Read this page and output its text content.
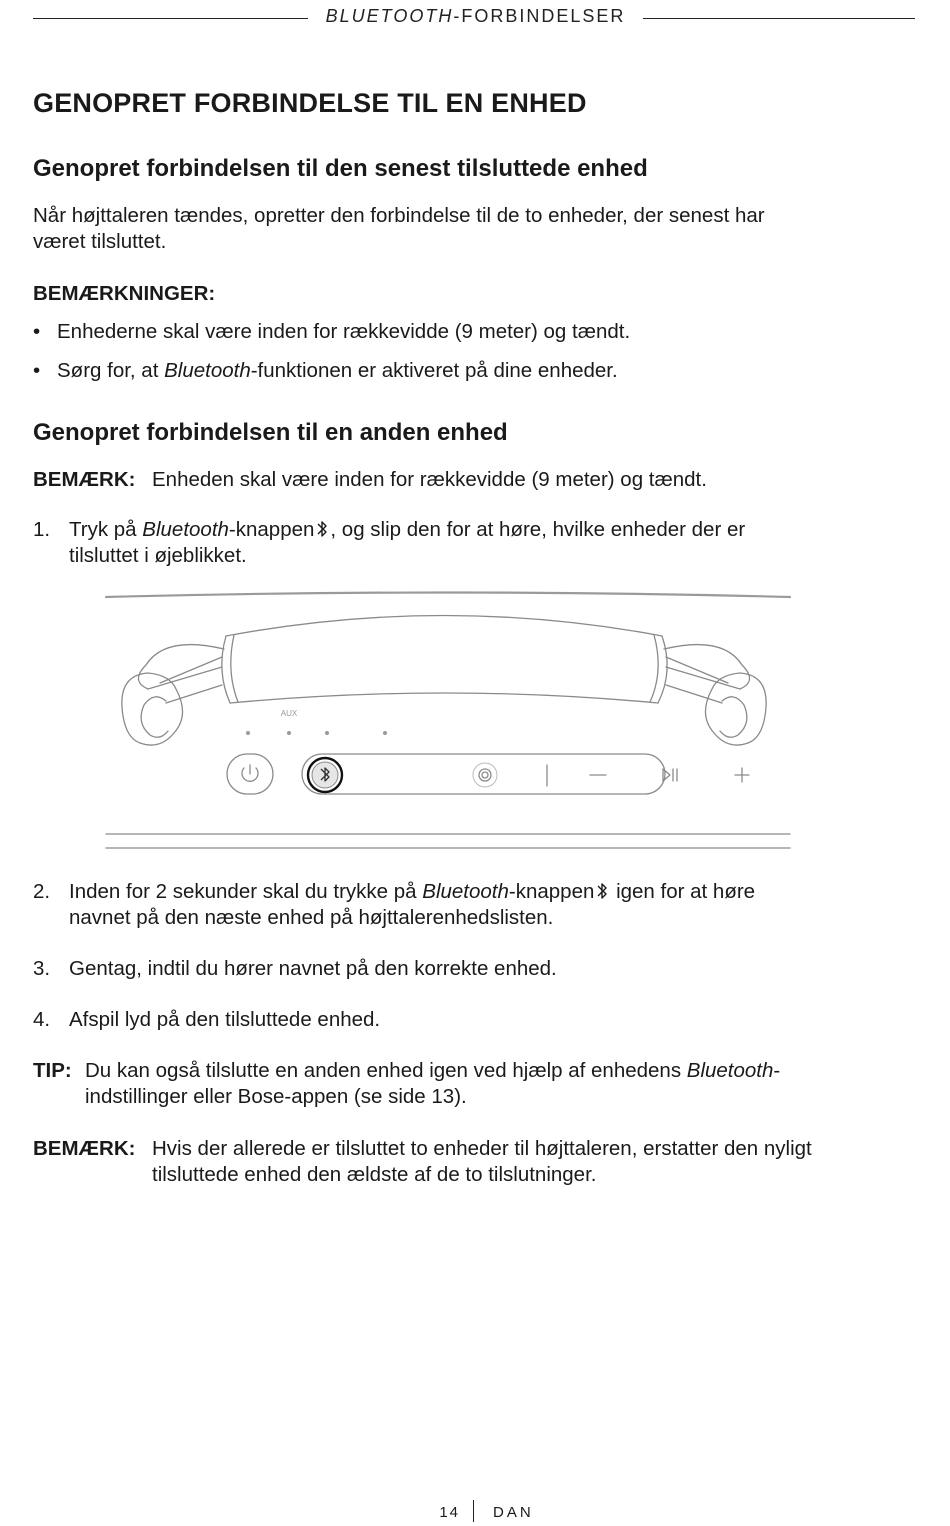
BLUETOOTH-FORBINDELSER
GENOPRET FORBINDELSE TIL EN ENHED
Genopret forbindelsen til den senest tilsluttede enhed
Når højttaleren tændes, opretter den forbindelse til de to enheder, der senest har
været tilsluttet.
BEMÆRKNINGER:
• Enhederne skal være inden for rækkevidde (9 meter) og tændt.
• Sørg for, at Bluetooth-funktionen er aktiveret på dine enheder.
Genopret forbindelsen til en anden enhed
BEMÆRK: Enheden skal være inden for rækkevidde (9 meter) og tændt.
1. Tryk på Bluetooth-knappen , og slip den for at høre, hvilke enheder der er
tilsluttet i øjeblikket.
AUX
2. Inden for 2 sekunder skal du trykke på Bluetooth-knappen
igen for at høre
navnet på den næste enhed på højttalerenhedslisten.
3. Gentag, indtil du hører navnet på den korrekte enhed.
4. Afspil lyd på den tilsluttede enhed.
TIP: Du kan også tilslutte en anden enhed igen ved hjælp af enhedens Bluetooth-
indstillinger eller Bose-appen (se side 13).
BEMÆRK: Hvis der allerede er tilsluttet to enheder til højttaleren, erstatter den nyligt
tilsluttede enhed den ældste af de to tilslutninger.
14 DAN
